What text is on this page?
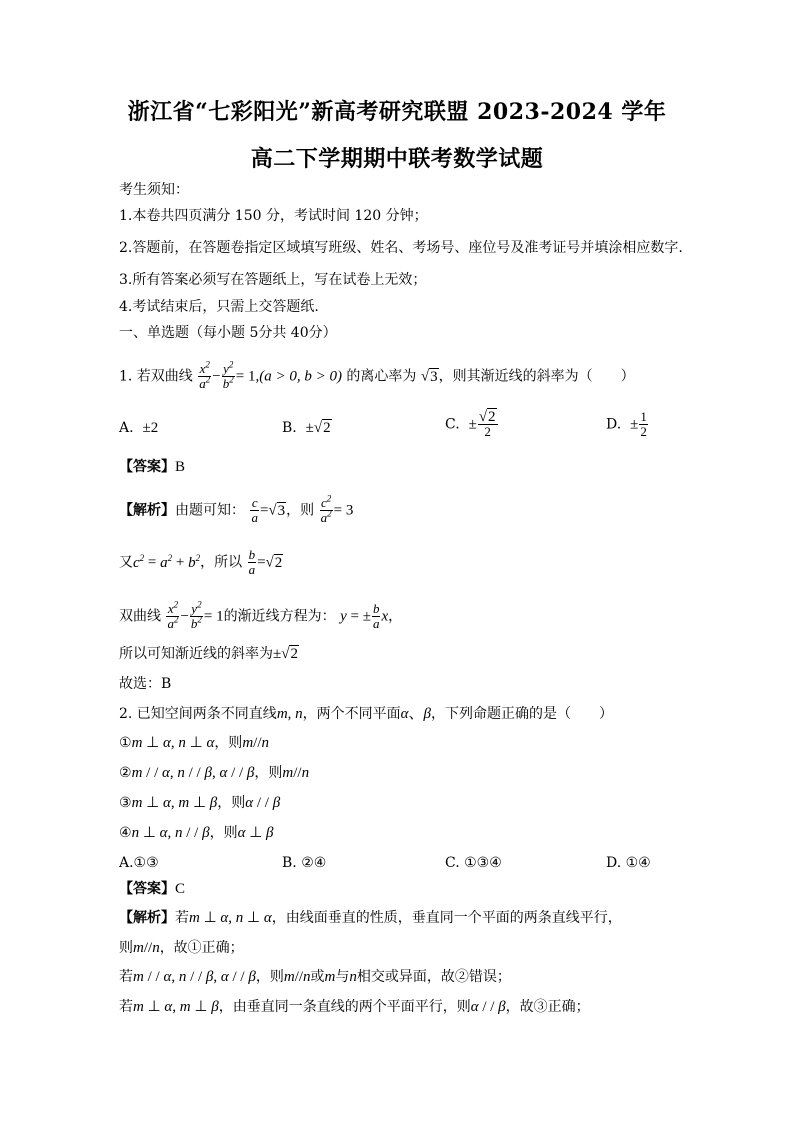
浙江省“七彩阳光”新高考研究联盟 2023-2024 学年
高二下学期期中联考数学试题
考生须知：
1.本卷共四页满分 150 分，考试时间 120 分钟；
2.答题前，在答题卷指定区域填写班级、姓名、考场号、座位号及准考证号并填涂相应数字.
3.所有答案必须写在答题纸上，写在试卷上无效；
4.考试结束后，只需上交答题纸.
一、单选题（每小题 5分共 40分）
1. 若双曲线 $\frac{x^2}{a^2} - \frac{y^2}{b^2} = 1,(a > 0$, b > 0) 的离心率为 √3，则其渐近线的斜率为（　　）
A. ±2	B. ±√2	C. ± $\frac{√2}{2}$	D. ± $\frac{1}{2}$
【答案】B
【解析】由题可知： $\frac{c}{a} =√3$，则 $\frac{c^2}{a^2} = 3$
又$c^2 = a^2 + b^2$，所以 $\frac{b}{a} =√2$
双曲线 $\frac{x^2}{a^2} - \frac{y^2}{b^2} = 1$的渐近线方程为： y = ± $\frac{b}{a}$ x，
所以可知渐近线的斜率为±√2
故选：B
2. 已知空间两条不同直线m, n，两个不同平面α、β，下列命题正确的是（　　）
①m ⊥ α, n ⊥ α，则m//n
②m / / α, n / / β, α / / β，则m//n
③m ⊥ α, m ⊥ β，则α / / β
④n ⊥ α, n / / β，则α ⊥ β
A.①③	B. ②④	C. ①③④	D. ①④
【答案】C
【解析】若m ⊥ α, n ⊥ α，由线面垂直的性质，垂直同一个平面的两条直线平行，
则m//n，故①正确；
若m / / α, n / / β, α / / β，则m//n或m与n相交或异面，故②错误；
若m ⊥ α, m ⊥ β，由垂直同一条直线的两个平面平行，则α / / β，故③正确；
